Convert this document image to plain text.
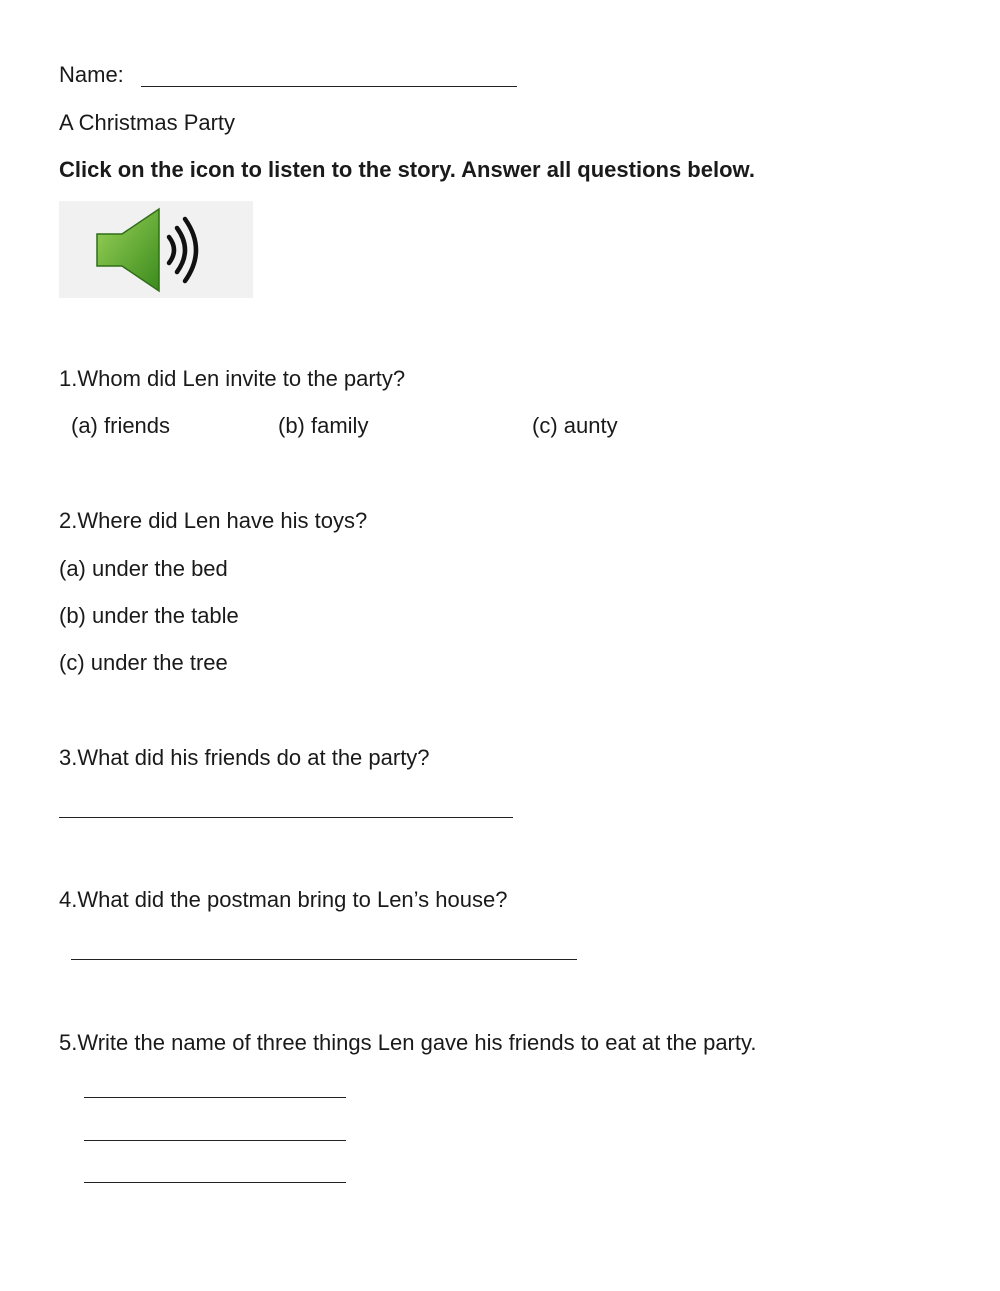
Name:
A Christmas Party
Click on the icon to listen to the story. Answer all questions below.
1.Whom did Len invite to the party?
(a) friends	(b) family	(c) aunty
2.Where did Len have his toys?
(a) under the bed
(b) under the table
(c) under the tree
3.What did his friends do at the party?
4.What did the postman bring to Len’s house?
5.Write the name of three things Len gave his friends to eat at the party.
